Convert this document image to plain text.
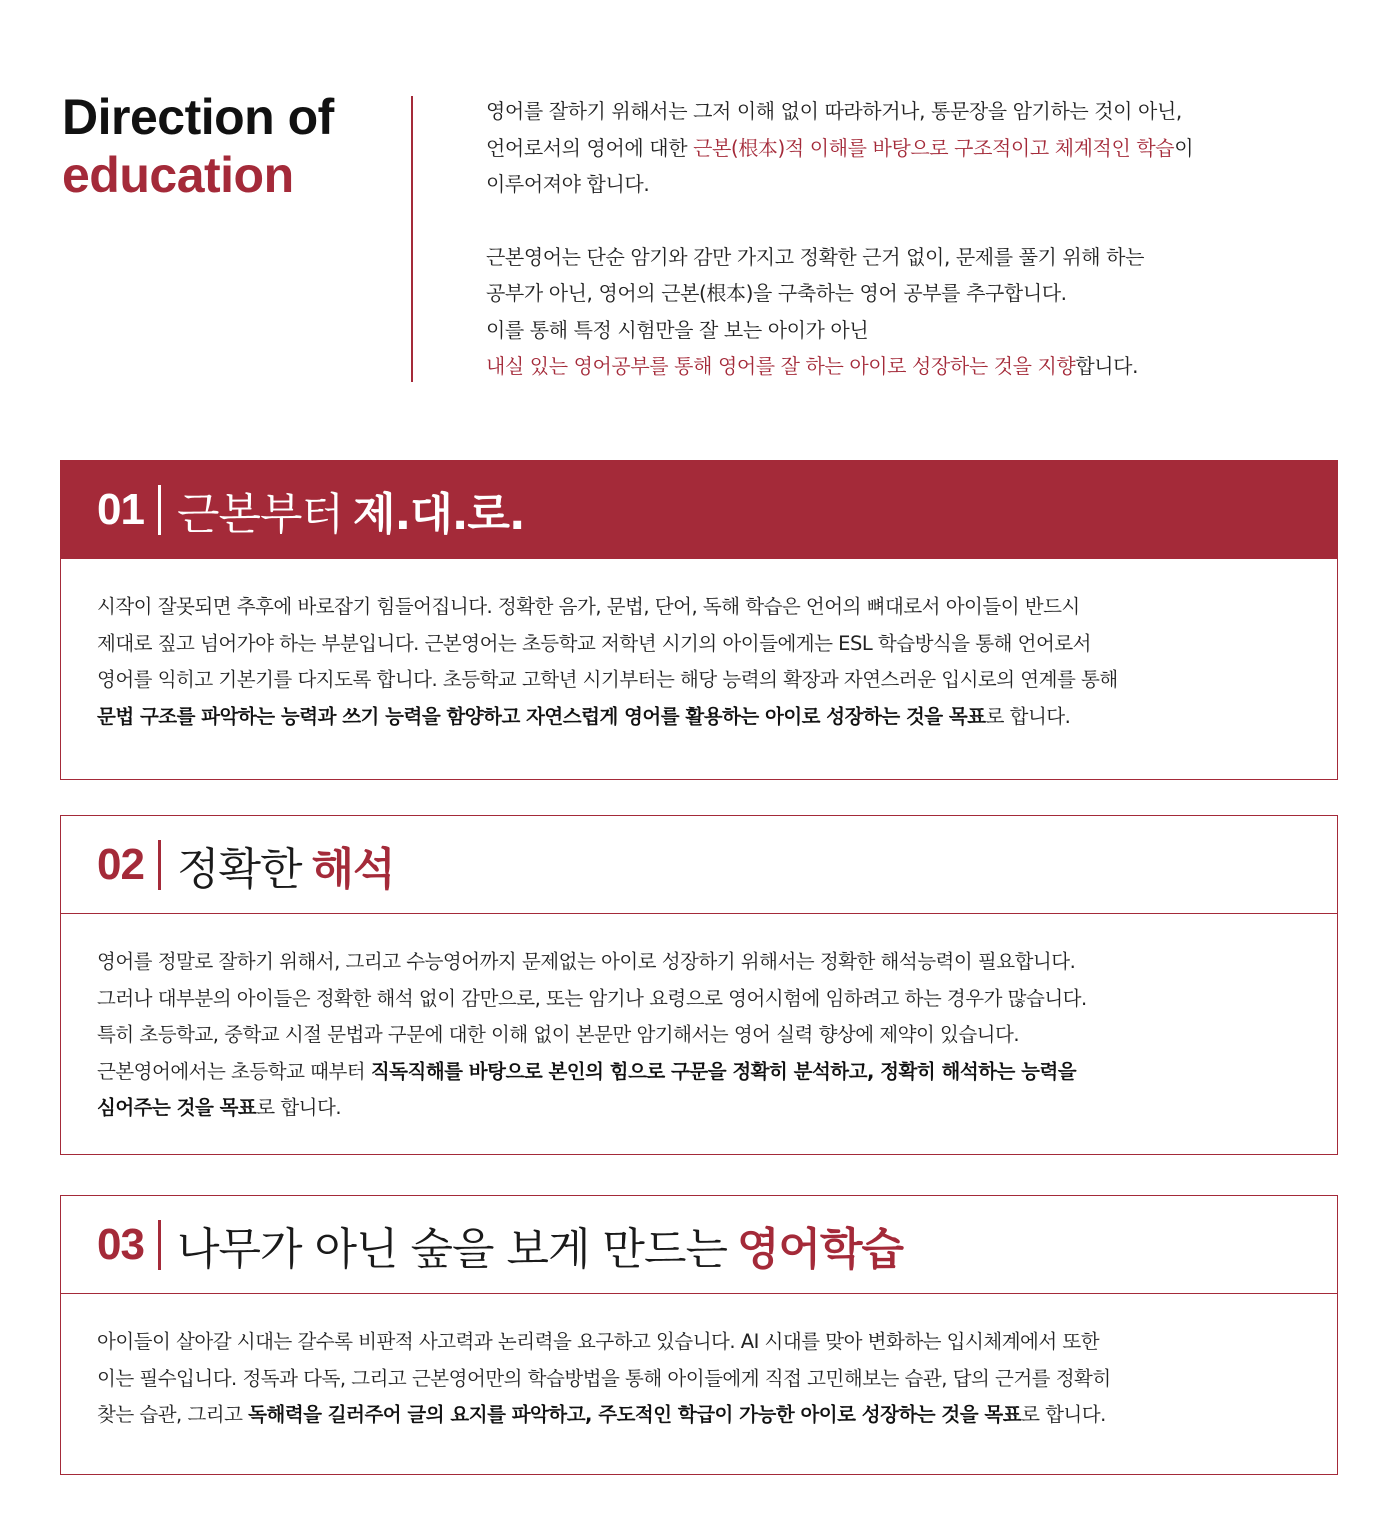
Direction of
education

영어를 잘하기 위해서는 그저 이해 없이 따라하거나, 통문장을 암기하는 것이 아닌,

언어로서의 영어에 대한 근본(根本)적 이해를 바탕으로 구조적이고 체계적인 학습이

이루어져야 합니다.

근본영어는 단순 암기와 감만 가지고 정확한 근거 없이, 문제를 풀기 위해 하는

공부가 아닌, 영어의 근본(根本)을 구축하는 영어 공부를 추구합니다.

이를 통해 특정 시험만을 잘 보는 아이가 아닌

내실 있는 영어공부를 통해 영어를 잘 하는 아이로 성장하는 것을 지향합니다.

01 근본부터 제.대.로.
시작이 잘못되면 추후에 바로잡기 힘들어집니다. 정확한 음가, 문법, 단어, 독해 학습은 언어의 뼈대로서 아이들이 반드시
제대로 짚고 넘어가야 하는 부분입니다. 근본영어는 초등학교 저학년 시기의 아이들에게는 ESL 학습방식을 통해 언어로서
영어를 익히고 기본기를 다지도록 합니다. 초등학교 고학년 시기부터는 해당 능력의 확장과 자연스러운 입시로의 연계를 통해
문법 구조를 파악하는 능력과 쓰기 능력을 함양하고 자연스럽게 영어를 활용하는 아이로 성장하는 것을 목표로 합니다.
02 정확한 해석
영어를 정말로 잘하기 위해서, 그리고 수능영어까지 문제없는 아이로 성장하기 위해서는 정확한 해석능력이 필요합니다.
그러나 대부분의 아이들은 정확한 해석 없이 감만으로, 또는 암기나 요령으로 영어시험에 임하려고 하는 경우가 많습니다.
특히 초등학교, 중학교 시절 문법과 구문에 대한 이해 없이 본문만 암기해서는 영어 실력 향상에 제약이 있습니다.
근본영어에서는 초등학교 때부터 직독직해를 바탕으로 본인의 힘으로 구문을 정확히 분석하고, 정확히 해석하는 능력을
심어주는 것을 목표로 합니다.
03 나무가 아닌 숲을 보게 만드는 영어학습
아이들이 살아갈 시대는 갈수록 비판적 사고력과 논리력을 요구하고 있습니다. AI 시대를 맞아 변화하는 입시체계에서 또한
이는 필수입니다. 정독과 다독, 그리고 근본영어만의 학습방법을 통해 아이들에게 직접 고민해보는 습관, 답의 근거를 정확히
찾는 습관, 그리고 독해력을 길러주어 글의 요지를 파악하고, 주도적인 학급이 가능한 아이로 성장하는 것을 목표로 합니다.
